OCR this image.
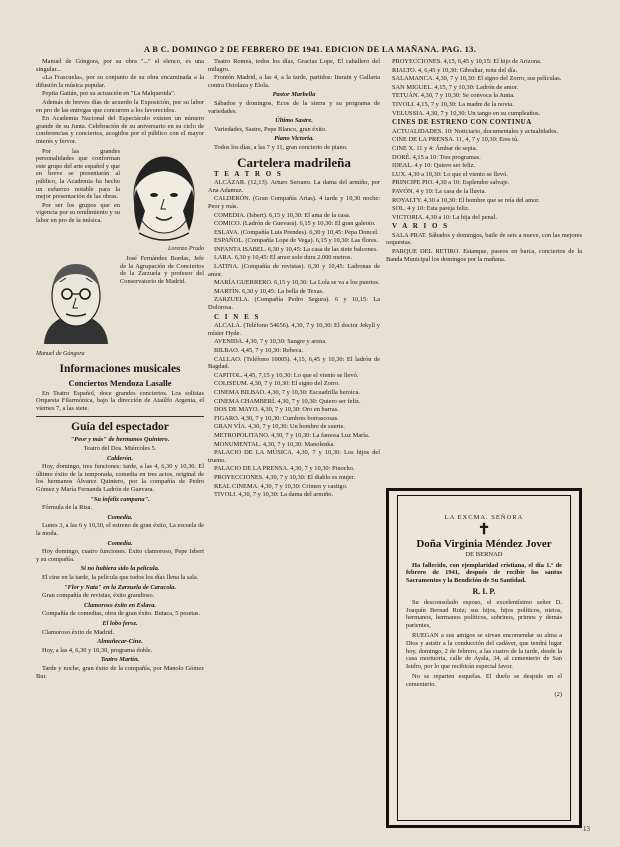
A B C. DOMINGO 2 DE FEBRERO DE 1941. EDICION DE LA MAÑANA. PAG. 13.

Manuel de Góngora, por su obra "..." el elenco, es una singular...

«La Frascuela», por su conjunto de su obra encaminada a la difusión la música popular.

Pepita Gaitán, por su actuación en "La Malquerida".

Además de breves días de acuerdo la Exposición, por su labor en pro de las entregas que concurren a los favorecidos.

En Academia Nacional del Espectáculo existen un número grande de su Junta. Celebración de su aniversario en su ciclo de conferencias y conciertos, acogidos por el público con el mayor interés y fervor.

Por las grandes personalidades que conforman este grupo del arte español y que en breve se presentarán al público, la Academia ha hecho un esfuerzo notable para la mejor presentación de las obras.

Por ser los grupos que en vigencia por su rendimiento y su labor en pro de la música.

Lorenzo Prado
Manuel de Góngora

José Fernández Bordas, Jefe de la Agrupación de Conciertos de la Zarzuela y profesor del Conservatorio de Madrid.

Informaciones musicales
Conciertos Mendoza Lasalle

En Teatro Español, doce grandes conciertos. Los solistas Orquesta Filarmónica, bajo la dirección de Ataúlfo Argenta, el viernes 7, a las siete.

Guía del espectador

"Peor y más" de hermanos Quintero.

Teatro del Dos. Miércoles 5.

Calderón.

Hoy, domingo, tres funciones: tarde, a las 4, 6,30 y 10,30. El último éxito de la temporada, comedia en tres actos, original de los hermanos Álvarez Quintero, por la compañía de Pedro Gómez y María Fernanda Ladrón de Guevara.

"Su infeliz campana".

Fórmula de la Risa.

Comedia.

Lunes 3, a las 6 y 10,30, el estreno de gran éxito, La escuela de la moda.

Comedia.

Hoy domingo, cuatro funciones. Éxito clamoroso, Pepe Isbert y su compañía.

Si no hubiera sido la película.

El cine en la tarde, la película que todos los días llena la sala.

"Flor y Nata" en la Zarzuela de Caracola.

Gran compañía de revistas, éxito grandioso.

Clamoroso éxito en Eslava.

Compañía de comedias, obra de gran éxito. Butaca, 5 pesetas.

El lobo feroz.

Clamoroso éxito de Madrid.

Almuñecar-Cine.

Hoy, a las 4, 6,30 y 10,30, programa doble.

Teatro Martín.

Tarde y noche, gran éxito de la compañía, por Manolo Gómez Bur.

Teatro Romea, todos los días, Gracias Lope, El caballero del milagro.

Frontón Madrid, a las 4, a la tarde, partidos: Iturain y Gallarta contra Ostolaza y Elola.

Pastor Marbella

Sábados y domingos, Ecos de la sierra y su programa de variedades.

Último Sastre.

Variedades, Sastre, Pepe Blanco, gran éxito.

Piano Victoria.

Todos los días, a las 7 y 11, gran concierto de piano.

Cartelera madrileña

T E A T R O S

ALCÁZAR. (12,13). Arturo Serrano. La dama del armiño, por Ana Adamuz.

CALDERÓN. (Gran Compañía Arias). 4 tarde y 10,30 noche: Peor y más.

COMEDIA. (Isbert). 6,15 y 10,30: El ama de la casa.

COMICO. (Ladrón de Guevara). 6,15 y 10,30: El gran galeoto.

ESLAVA. (Compañía Luis Prendes). 6,30 y 10,45: Pepa Doncel.

ESPAÑOL. (Compañía Lope de Vega). 6,15 y 10,30: Las flores.

INFANTA ISABEL. 6,30 y 10,45: La casa de las siete balcones.

LARA. 6,30 y 10,45: El amor solo dura 2.000 metros.

LATINA. (Compañía de revistas). 6,30 y 10,45: Ladronas de amor.

MARÍA GUERRERO. 6,15 y 10,30: La Lola se va a los puertos.

MARTÍN. 6,30 y 10,45: La bella de Texas.

ZARZUELA. (Compañía Pedro Segura). 6 y 10,15: La Dolorosa.

C I N E S

ALCALÁ. (Teléfono 54656). 4,30, 7 y 10,30: El doctor Jekyll y míster Hyde.

AVENIDA. 4,30, 7 y 10,30: Sangre y arena.

BILBAO. 4,45, 7 y 10,30: Rebeca.

CALLAO. (Teléfono 10005). 4,15, 6,45 y 10,30: El ladrón de Bagdad.

CAPITOL. 4,45, 7,15 y 10,30: Lo que el viento se llevó.

COLISEUM. 4,30, 7 y 10,30: El signo del Zorro.

CINEMA BILBAO. 4,30, 7 y 10,30: Escuadrilla heroica.

CINEMA CHAMBERÍ. 4,30, 7 y 10,30: Quiero ser feliz.

DOS DE MAYO. 4,30, 7 y 10,30: Oro en barras.

FIGARO. 4,30, 7 y 10,30: Cumbres borrascosas.

GRAN VÍA. 4,30, 7 y 10,30: Un hombre de suerte.

METROPOLITANO. 4,30, 7 y 10,30: La famosa Luz María.

MONUMENTAL. 4,30, 7 y 10,30: Manolenka.

PALACIO DE LA MÚSICA. 4,30, 7 y 10,30: Los hijos del trueno.

PALACIO DE LA PRENSA. 4,30, 7 y 10,30: Pinocho.

PROYECCIONES. 4,30, 7 y 10,30: El diablo es mujer.

REAL CINEMA. 4,30, 7 y 10,30: Crimen y castigo.

TIVOLI. 4,30, 7 y 10,30: La dama del armiño.

PROYECCIONES. 4,15, 6,45 y 10,15: El hijo de Arizona.

RIALTO. 4, 6,45 y 10,30: Gibraltar, nota del día.

SALAMANCA. 4,30, 7 y 10,30: El signo del Zorro, sus películas.

SAN MIGUEL. 4,15, 7 y 10,30: Ladrón de amor.

TETUÁN. 4,30, 7 y 10,30: Se convoca la Junta.

TIVOLI. 4,15, 7 y 10,30: La madre de la novia.

VELUSSIA. 4,30, 7 y 10,30: Un tango en su cumpleaños.

CINES DE ESTRENO CON CONTINUA

ACTUALIDADES. 10: Noticiario, documentales y actualidades.

CINE DE LA PRENSA. 11, 4, 7 y 10,30: Eres tú.

CINE X. 11 y 4: Ámbar de sepia.

DORÉ. 4,15 a 10: Tres programas.

IDEAL. 4 y 10: Quiero ser feliz.

LUX. 4,30 a 10,30: Lo que el viento se llevó.

PRINCIPE PIO. 4,30 a 10: Esplendor salvaje.

PAVÓN. 4 y 10: La casa de la lluvia.

ROYALTY. 4,30 a 10,30: El hombre que se reía del amor.

SOL. 4 y 10: Esta pareja feliz.

VICTORIA. 4,30 a 10: La hija del penal.

V A R I O S

SALA PRAT. Sábados y domingos, baile de seis a nueve, con las mejores orquestas.

PARQUE DEL RETIRO. Estanque, paseos en barca, conciertos de la Banda Municipal los domingos por la mañana.

LA EXCMA. SEÑORA
✝
Doña Virginia Méndez Jover
DE BERNAD

Ha fallecido, con ejemplaridad cristiana, el día 1.º de febrero de 1941, después de recibir los santos Sacramentos y la Bendición de Su Santidad.

R. I. P.

Su desconsolado esposo, el excelentísimo señor D. Joaquín Bernad Ruiz; sus hijos, hijos políticos, nietos, hermanos, hermanos políticos, sobrinos, primos y demás parientes,

RUEGAN a sus amigos se sirvan encomendar su alma a Dios y asistir a la conducción del cadáver, que tendrá lugar hoy, domingo, 2 de febrero, a las cuatro de la tarde, desde la casa mortuoria, calle de Ayala, 34, al cementerio de San Isidro, por lo que recibirán especial favor.

No se reparten esquelas. El duelo se despide en el cementerio.

(2)
13
